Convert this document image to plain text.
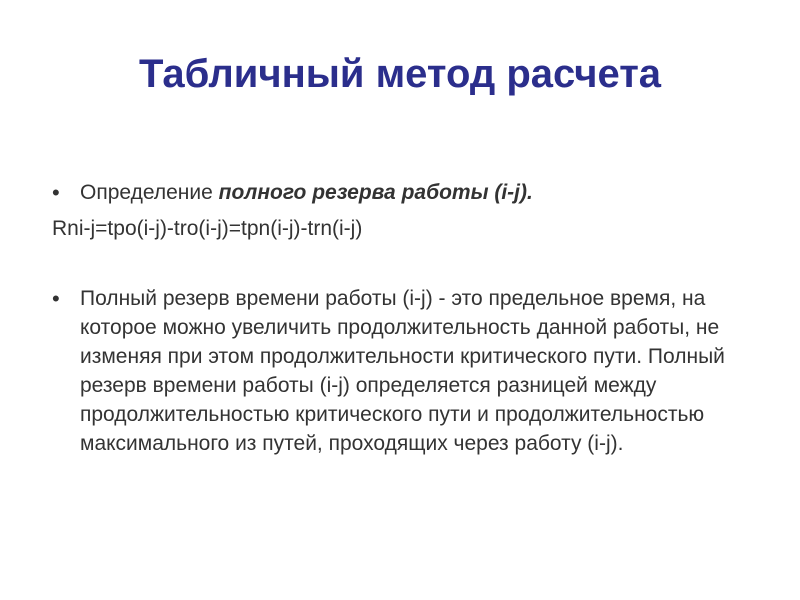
Табличный метод расчета
• Определение полного резерва работы (i-j).
Rni-j=tpo(i-j)-tro(i-j)=tpn(i-j)-trn(i-j)
• Полный резерв времени работы (i-j) - это предельное время, на которое можно увеличить продолжительность данной работы, не изменяя при этом продолжительности критического пути. Полный резерв времени работы (i-j) определяется разницей между продолжительностью критического пути и продолжительностью максимального из путей, проходящих через работу (i-j).
